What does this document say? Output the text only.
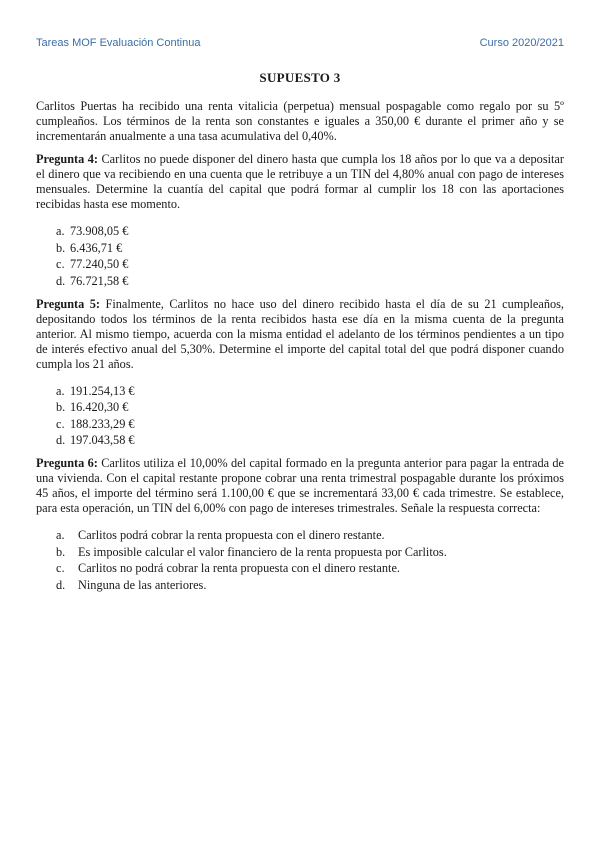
Tareas MOF Evaluación Continua	Curso 2020/2021
SUPUESTO 3

Carlitos Puertas ha recibido una renta vitalicia (perpetua) mensual pospagable como regalo por su 5º cumpleaños. Los términos de la renta son constantes e iguales a 350,00 € durante el primer año y se incrementarán anualmente a una tasa acumulativa del 0,40%.

Pregunta 4: Carlitos no puede disponer del dinero hasta que cumpla los 18 años por lo que va a depositar el dinero que va recibiendo en una cuenta que le retribuye a un TIN del 4,80% anual con pago de intereses mensuales. Determine la cuantía del capital que podrá formar al cumplir los 18 con las aportaciones recibidas hasta ese momento.

a. 73.908,05 €
b. 6.436,71 €
c. 77.240,50 €
d. 76.721,58 €

Pregunta 5: Finalmente, Carlitos no hace uso del dinero recibido hasta el día de su 21 cumpleaños, depositando todos los términos de la renta recibidos hasta ese día en la misma cuenta de la pregunta anterior. Al mismo tiempo, acuerda con la misma entidad el adelanto de los términos pendientes a un tipo de interés efectivo anual del 5,30%. Determine el importe del capital total del que podrá disponer cuando cumpla los 21 años.

a. 191.254,13 €
b. 16.420,30 €
c. 188.233,29 €
d. 197.043,58 €

Pregunta 6: Carlitos utiliza el 10,00% del capital formado en la pregunta anterior para pagar la entrada de una vivienda. Con el capital restante propone cobrar una renta trimestral pospagable durante los próximos 45 años, el importe del término será 1.100,00 € que se incrementará 33,00 € cada trimestre. Se establece, para esta operación, un TIN del 6,00% con pago de intereses trimestrales. Señale la respuesta correcta:

a.	Carlitos podrá cobrar la renta propuesta con el dinero restante.
b.	Es imposible calcular el valor financiero de la renta propuesta por Carlitos.
c.	Carlitos no podrá cobrar la renta propuesta con el dinero restante.
d.	Ninguna de las anteriores.
